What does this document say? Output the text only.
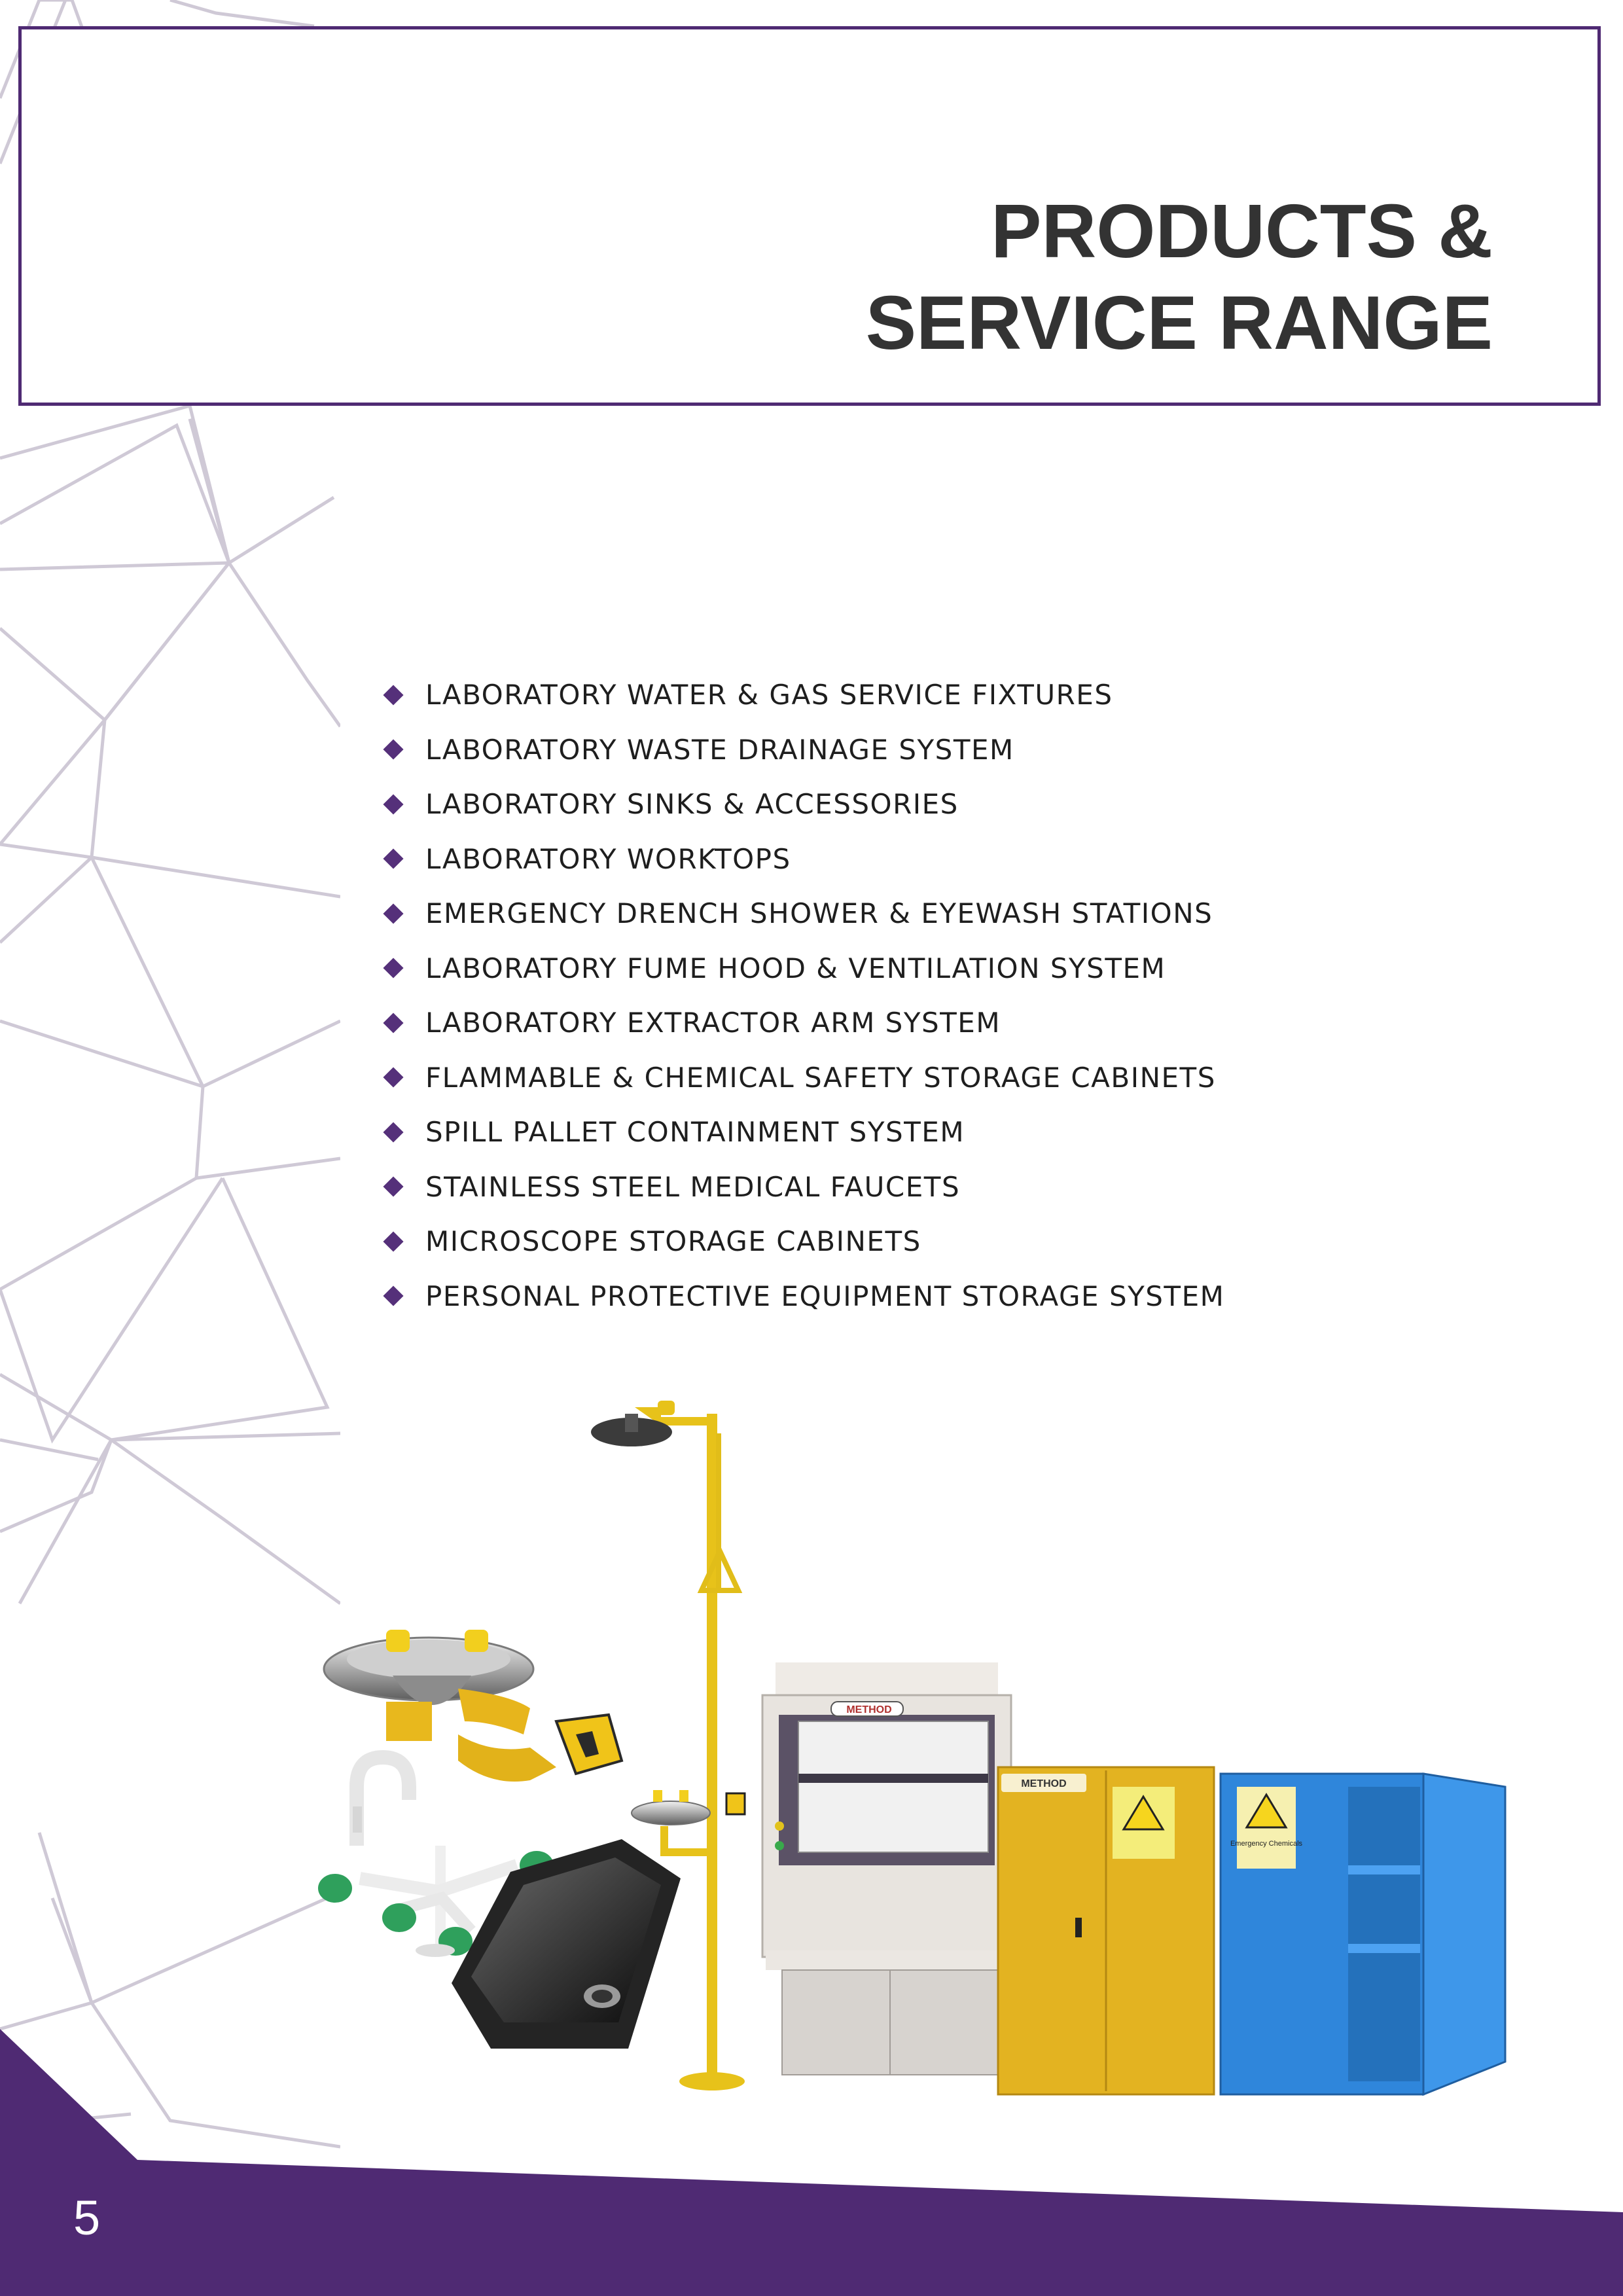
PRODUCTS &
SERVICE RANGE
LABORATORY WATER & GAS SERVICE FIXTURES
LABORATORY WASTE DRAINAGE SYSTEM
LABORATORY SINKS & ACCESSORIES
LABORATORY WORKTOPS
EMERGENCY DRENCH SHOWER & EYEWASH STATIONS
LABORATORY FUME HOOD & VENTILATION SYSTEM
LABORATORY EXTRACTOR ARM SYSTEM
FLAMMABLE & CHEMICAL SAFETY STORAGE CABINETS
SPILL PALLET CONTAINMENT SYSTEM
STAINLESS STEEL MEDICAL FAUCETS
MICROSCOPE STORAGE CABINETS
PERSONAL PROTECTIVE EQUIPMENT STORAGE SYSTEM
METHOD
METHOD
Emergency Chemicals
5
